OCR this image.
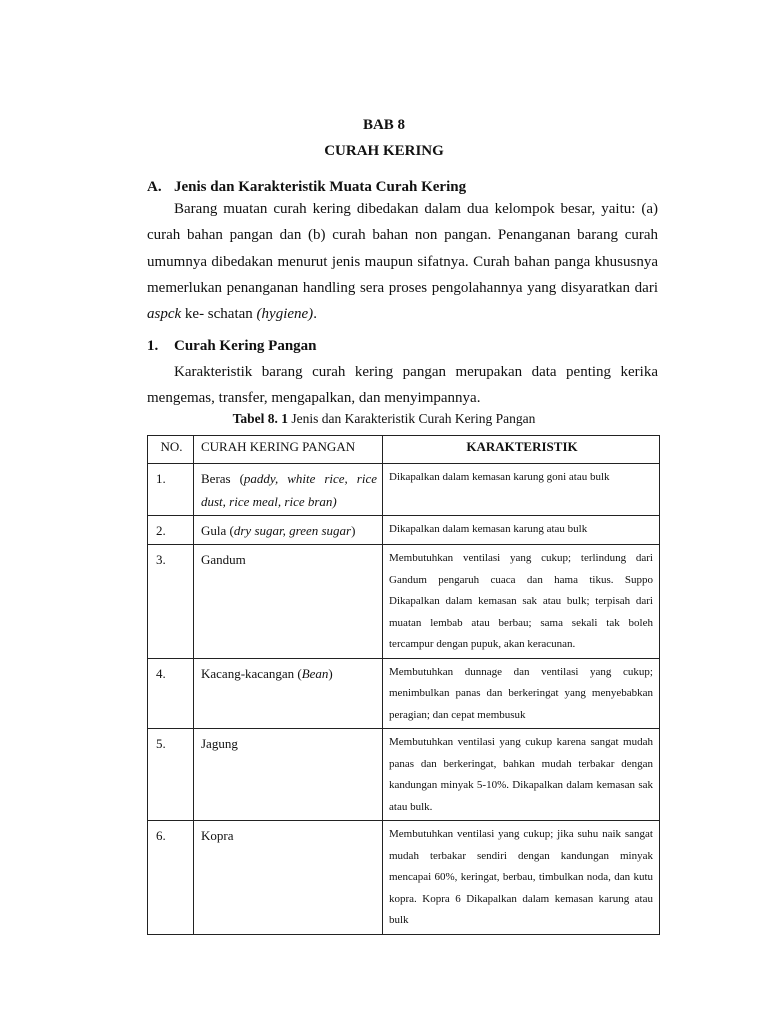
BAB 8
CURAH KERING
A. Jenis dan Karakteristik Muata Curah Kering

Barang muatan curah kering dibedakan dalam dua kelompok besar, yaitu: (a) curah bahan pangan dan (b) curah bahan non pangan. Penanganan barang curah umumnya dibedakan menurut jenis maupun sifatnya. Curah bahan panga khususnya memerlukan penanganan handling sera proses pengolahannya yang disyaratkan dari aspck ke- schatan (hygiene).

1. Curah Kering Pangan

Karakteristik barang curah kering pangan merupakan data penting kerika mengemas, transfer, mengapalkan, dan menyimpannya.

Tabel 8. 1 Jenis dan Karakteristik Curah Kering Pangan
NO.	CURAH KERING PANGAN	KARAKTERISTIK
1.	Beras (paddy, white rice, rice dust, rice meal, rice bran)	Dikapalkan dalam kemasan karung goni atau bulk
2.	Gula (dry sugar, green sugar)	Dikapalkan dalam kemasan karung atau bulk
3.	Gandum	Membutuhkan ventilasi yang cukup; terlindung dari Gandum pengaruh cuaca dan hama tikus. Suppo Dikapalkan dalam kemasan sak atau bulk; terpisah dari muatan lembab atau berbau; sama sekali tak boleh tercampur dengan pupuk, akan keracunan.
4.	Kacang-kacangan (Bean)	Membutuhkan dunnage dan ventilasi yang cukup; menimbulkan panas dan berkeringat yang menyebabkan peragian; dan cepat membusuk
5.	Jagung	Membutuhkan ventilasi yang cukup karena sangat mudah panas dan berkeringat, bahkan mudah terbakar dengan kandungan minyak 5-10%. Dikapalkan dalam kemasan sak atau bulk.
6.	Kopra	Membutuhkan ventilasi yang cukup; jika suhu naik sangat mudah terbakar sendiri dengan kandungan minyak mencapai 60%, keringat, berbau, timbulkan noda, dan kutu kopra. Kopra 6 Dikapalkan dalam kemasan karung atau bulk
